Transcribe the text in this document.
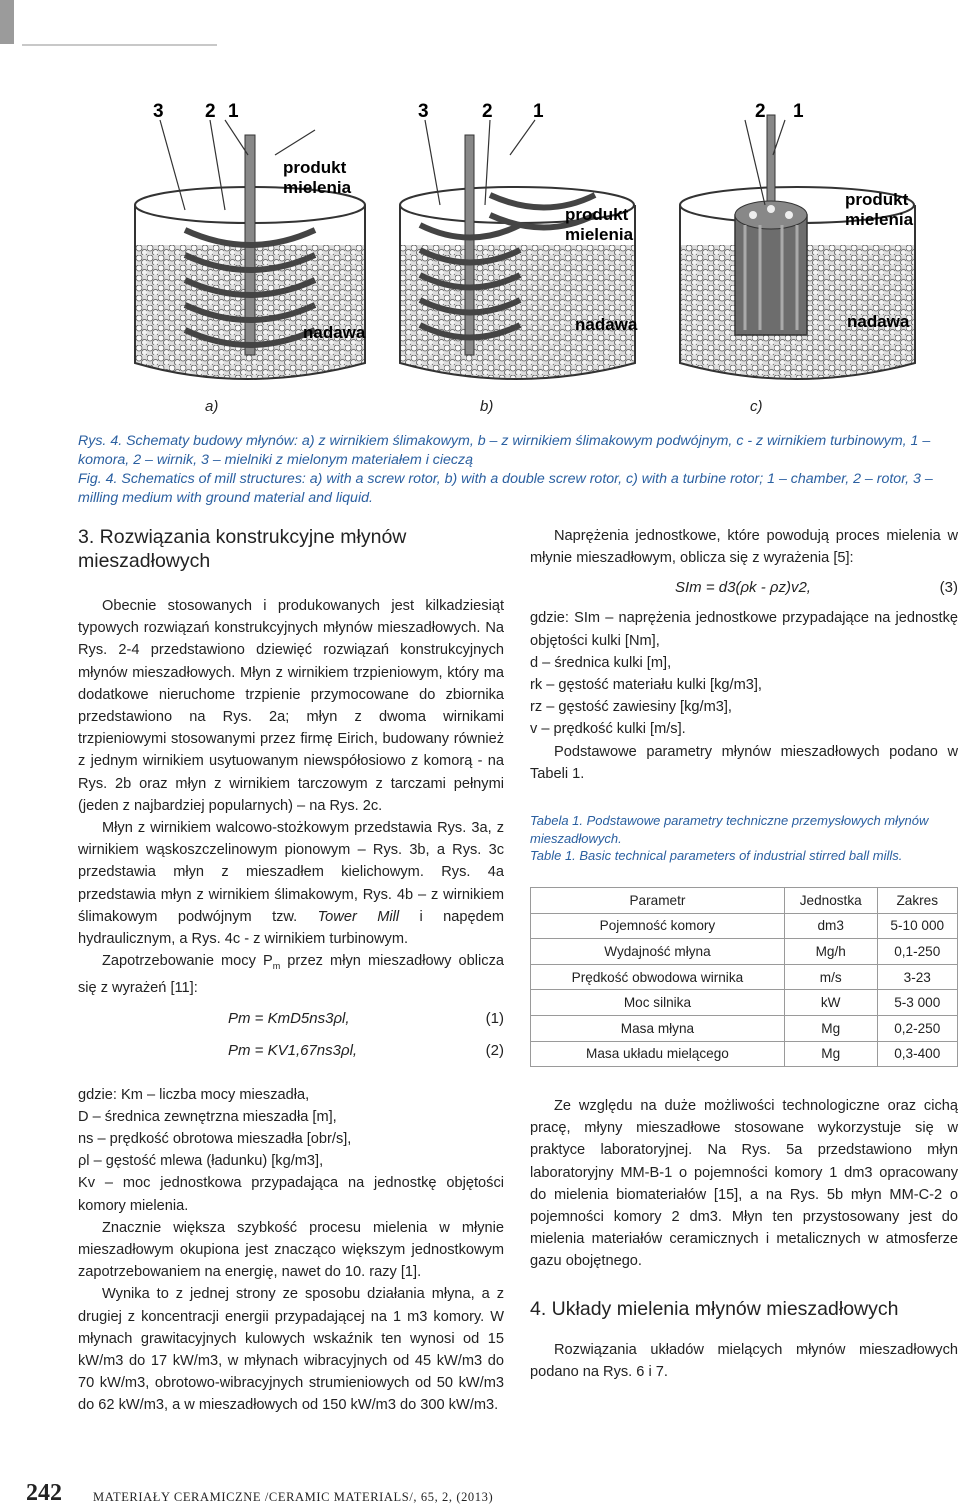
3 2 1
produkt
mielenia
nadawa
3	2 1
produkt
mielenia
nadawa
2 1
produkt
mielenia
nadawa
a)	b)	c)
Rys. 4. Schematy budowy młynów: a) z wirnikiem ślimakowym, b – z wirnikiem ślimakowym podwójnym, c - z wirnikiem turbinowym, 1 – komora, 2 – wirnik, 3 – mielniki z mielonym materiałem i cieczą
Fig. 4. Schematics of mill structures: a) with a screw rotor, b) with a double screw rotor, c) with a turbine rotor; 1 – chamber, 2 – rotor, 3 – milling medium with ground material and liquid.
3. Rozwiązania konstrukcyjne młynów
mieszadłowych

Obecnie stosowanych i produkowanych jest kilkadziesiąt typowych rozwiązań konstrukcyjnych młynów mieszadłowych. Na Rys. 2-4 przedstawiono dziewięć rozwiązań konstrukcyjnych młynów mieszadłowych. Młyn z wirnikiem trzpieniowym, który ma dodatkowe nieruchome trzpienie przymocowane do zbiornika przedstawiono na Rys. 2a; młyn z dwoma wirnikami trzpieniowymi stosowanymi przez firmę Eirich, budowany również z jednym wirnikiem usytuowanym niewspółosiowo z komorą - na Rys. 2b oraz młyn z wirnikiem tarczowym z tarczami pełnymi (jeden z najbardziej popularnych) – na Rys. 2c.

Młyn z wirnikiem walcowo-stożkowym przedstawia Rys. 3a, z wirnikiem wąskoszczelinowym pionowym – Rys. 3b, a Rys. 3c przedstawia młyn z mieszadłem kielichowym. Rys. 4a przedstawia młyn z wirnikiem ślimakowym, Rys. 4b – z wirnikiem ślimakowym podwójnym tzw. Tower Mill i napędem hydraulicznym, a Rys. 4c - z wirnikiem turbinowym.

Zapotrzebowanie mocy $P_m$ przez młyn mieszadłowy oblicza się z wyrażeń [11]:

Pm = KmD5ns3ρl,	(1)
Pm = KV1,67ns3ρl,	(2)

gdzie: Km – liczba mocy mieszadła,

D – średnica zewnętrzna mieszadła [m],

ns – prędkość obrotowa mieszadła [obr/s],

ρl – gęstość mlewa (ładunku) [kg/m3],

Kv – moc jednostkowa przypadająca na jednostkę objętości komory mielenia.

Znacznie większa szybkość procesu mielenia w młynie mieszadłowym okupiona jest znacząco większym jednostkowym zapotrzebowaniem na energię, nawet do 10. razy [1].

Wynika to z jednej strony ze sposobu działania młyna, a z drugiej z koncentracji energii przypadającej na 1 m3 komory. W młynach grawitacyjnych kulowych wskaźnik ten wynosi od 15 kW/m3 do 17 kW/m3, w młynach wibracyjnych od 45 kW/m3 do 70 kW/m3, obrotowo-wibracyjnych strumieniowych od 50 kW/m3 do 62 kW/m3, a w mieszadłowych od 150 kW/m3 do 300 kW/m3.

Naprężenia jednostkowe, które powodują proces mielenia w młynie mieszadłowym, oblicza się z wyrażenia [5]:

SIm = d3(ρk - ρz)v2,	(3)

gdzie: SIm – naprężenia jednostkowe przypadające na jednostkę objętości kulki [Nm],

d – średnica kulki [m],

rk – gęstość materiału kulki [kg/m3],

rz – gęstość zawiesiny [kg/m3],

v – prędkość kulki [m/s].

Podstawowe parametry młynów mieszadłowych podano w Tabeli 1.

Tabela 1. Podstawowe parametry techniczne przemysłowych młynów mieszadłowych.
Table 1. Basic technical parameters of industrial stirred ball mills.
Parametr	Jednostka	Zakres
Pojemność komory	dm3	5-10 000
Wydajność młyna	Mg/h	0,1-250
Prędkość obwodowa wirnika	m/s	3-23
Moc silnika	kW	5-3 000
Masa młyna	Mg	0,2-250
Masa układu mielącego	Mg	0,3-400

Ze względu na duże możliwości technologiczne oraz cichą pracę, młyny mieszadłowe stosowane wykorzystuje się w praktyce laboratoryjnej. Na Rys. 5a przedstawiono młyn laboratoryjny MM-B-1 o pojemności komory 1 dm3 opracowany do mielenia biomateriałów [15], a na Rys. 5b młyn MM-C-2 o pojemności komory 2 dm3. Młyn ten przystosowany jest do mielenia materiałów ceramicznych i metalicznych w atmosferze gazu obojętnego.

4. Układy mielenia młynów mieszadłowych

Rozwiązania układów mielących młynów mieszadłowych podano na Rys. 6 i 7.

242 MATERIAŁY CERAMICZNE /CERAMIC MATERIALS/, 65, 2, (2013)
